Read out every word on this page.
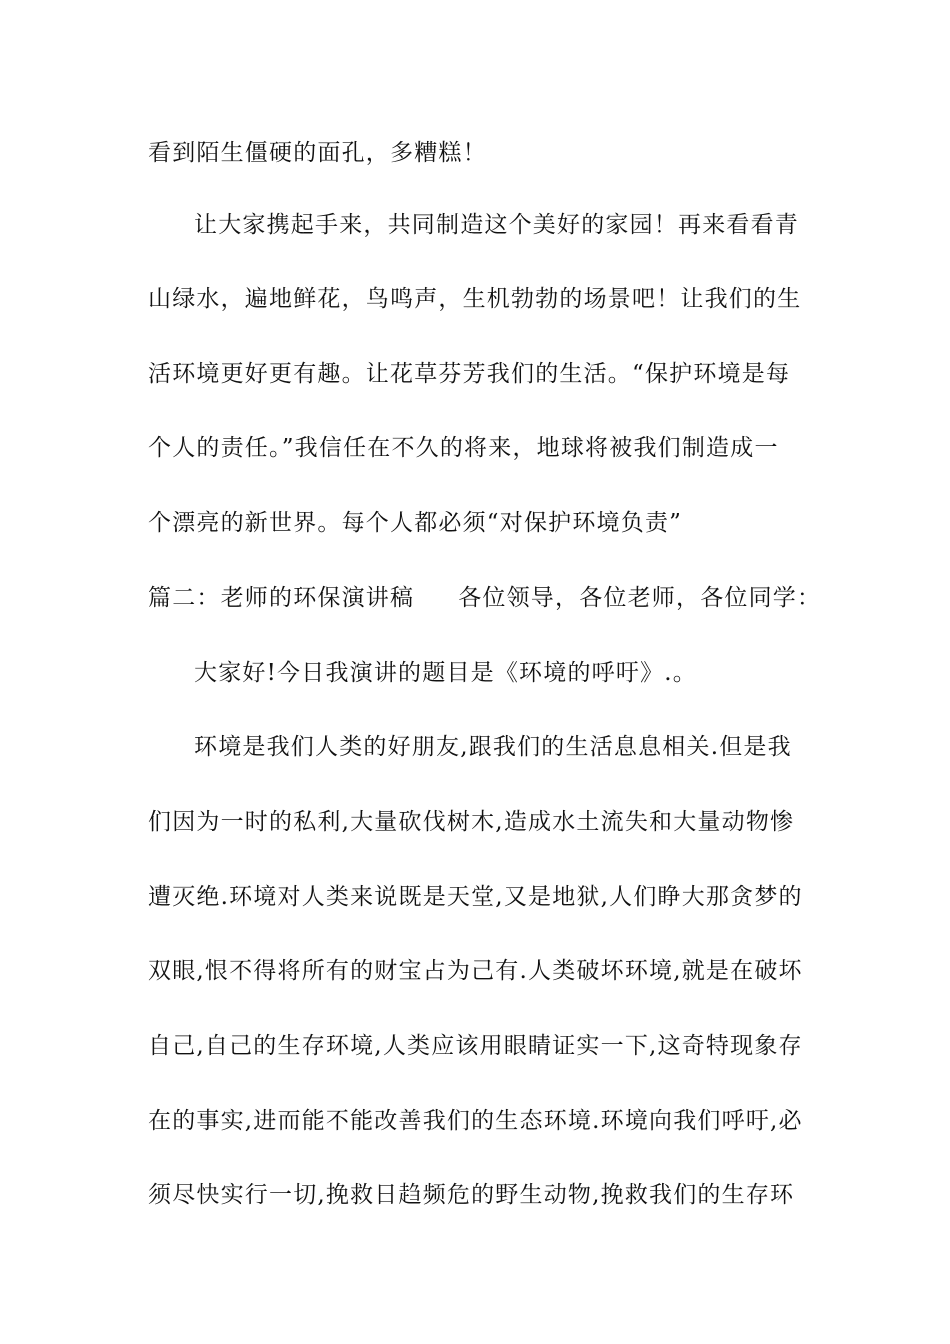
看到陌生僵硬的面孔，多糟糕！
让大家携起手来，共同制造这个美好的家园！再来看看青
山绿水，遍地鲜花，鸟鸣声，生机勃勃的场景吧！让我们的生
活环境更好更有趣。让花草芬芳我们的生活。“保护环境是每
个人的责任。”我信任在不久的将来，地球将被我们制造成一
个漂亮的新世界。每个人都必须“对保护环境负责”
篇二：老师的环保演讲稿 各位领导，各位老师，各位同学：
大家好!今日我演讲的题目是《环境的呼吁》.。
环境是我们人类的好朋友,跟我们的生活息息相关.但是我
们因为一时的私利,大量砍伐树木,造成水土流失和大量动物惨
遭灭绝.环境对人类来说既是天堂,又是地狱,人们睁大那贪梦的
双眼,恨不得将所有的财宝占为己有.人类破坏环境,就是在破坏
自己,自己的生存环境,人类应该用眼睛证实一下,这奇特现象存
在的事实,进而能不能改善我们的生态环境.环境向我们呼吁,必
须尽快实行一切,挽救日趋频危的野生动物,挽救我们的生存环
